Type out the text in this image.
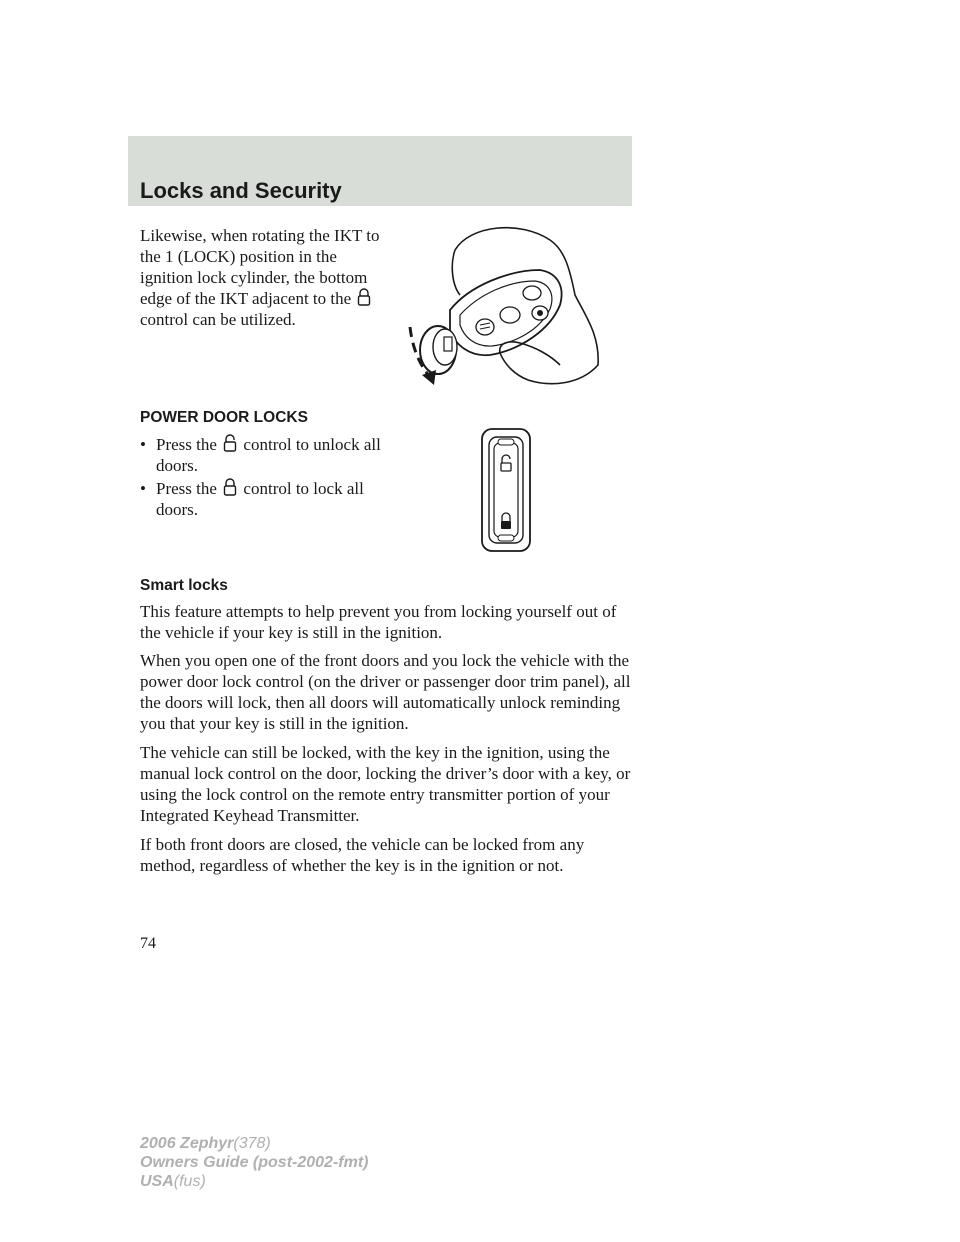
Locks and Security

Likewise, when rotating the IKT to the 1 (LOCK) position in the ignition lock cylinder, the bottom edge of the IKT adjacent to the  control can be utilized.

POWER DOOR LOCKS
• Press the control to unlock all doors.
• Press the control to lock all doors.
Smart locks

This feature attempts to help prevent you from locking yourself out of the vehicle if your key is still in the ignition.

When you open one of the front doors and you lock the vehicle with the power door lock control (on the driver or passenger door trim panel), all the doors will lock, then all doors will automatically unlock reminding you that your key is still in the ignition.

The vehicle can still be locked, with the key in the ignition, using the manual lock control on the door, locking the driver’s door with a key, or using the lock control on the remote entry transmitter portion of your Integrated Keyhead Transmitter.

If both front doors are closed, the vehicle can be locked from any method, regardless of whether the key is in the ignition or not.

74
2006 Zephyr(378)
Owners Guide (post-2002-fmt)
USA(fus)
